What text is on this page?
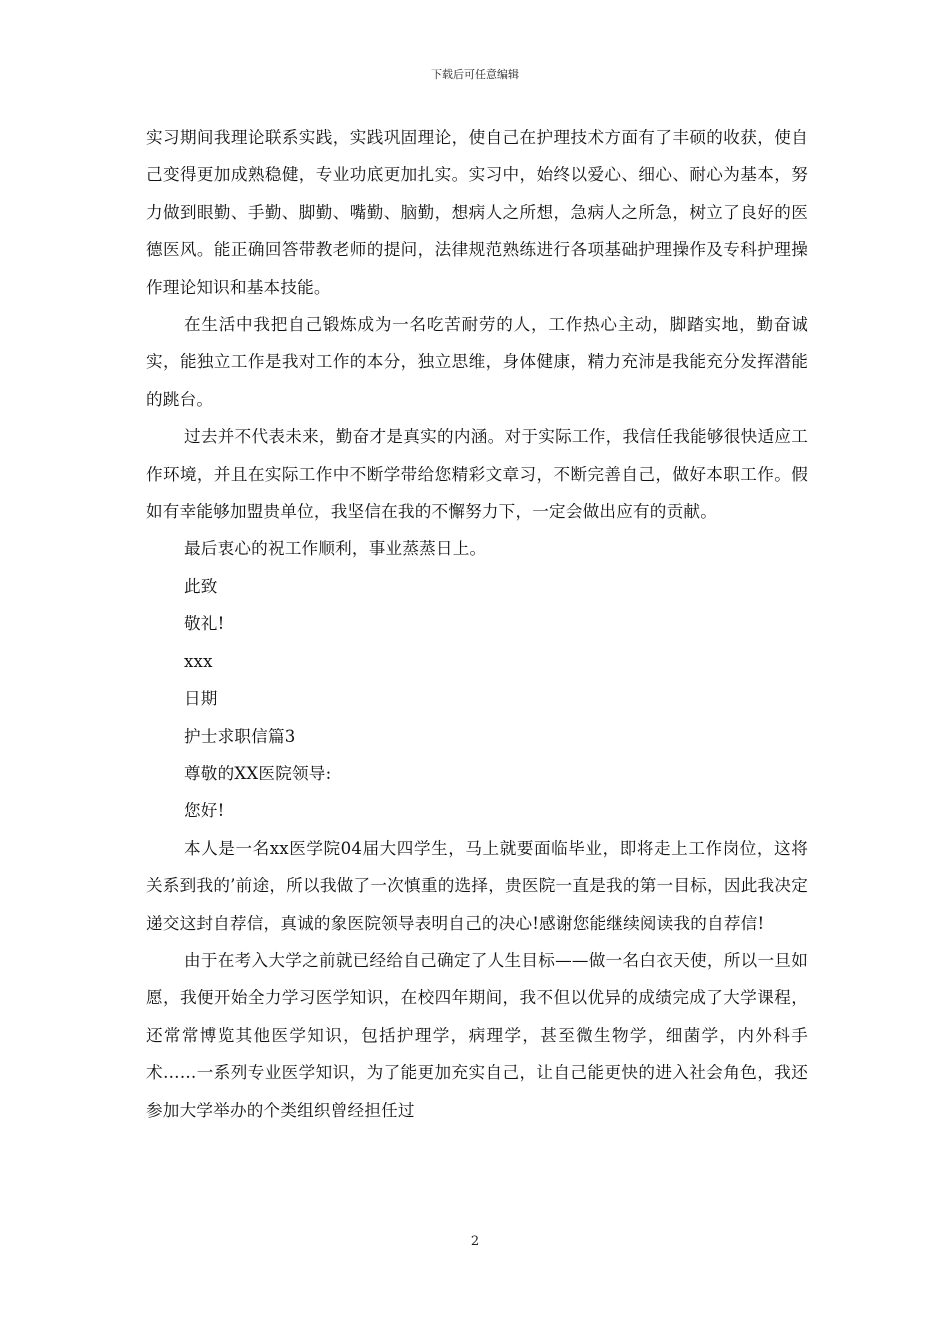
下载后可任意编辑

实习期间我理论联系实践，实践巩固理论，使自己在护理技术方面有了丰硕的收获，使自己变得更加成熟稳健，专业功底更加扎实。实习中，始终以爱心、细心、耐心为基本，努力做到眼勤、手勤、脚勤、嘴勤、脑勤，想病人之所想，急病人之所急，树立了良好的医德医风。能正确回答带教老师的提问，法律规范熟练进行各项基础护理操作及专科护理操作理论知识和基本技能。

在生活中我把自己锻炼成为一名吃苦耐劳的人，工作热心主动，脚踏实地，勤奋诚实，能独立工作是我对工作的本分，独立思维，身体健康，精力充沛是我能充分发挥潜能的跳台。

过去并不代表未来，勤奋才是真实的内涵。对于实际工作，我信任我能够很快适应工作环境，并且在实际工作中不断学带给您精彩文章习，不断完善自己，做好本职工作。假如有幸能够加盟贵单位，我坚信在我的不懈努力下，一定会做出应有的贡献。

最后衷心的祝工作顺利，事业蒸蒸日上。

此致

敬礼!

xxx

日期

护士求职信篇3

尊敬的XX医院领导:

您好!

本人是一名xx医学院04届大四学生，马上就要面临毕业，即将走上工作岗位，这将关系到我的’前途，所以我做了一次慎重的选择，贵医院一直是我的第一目标，因此我决定递交这封自荐信，真诚的象医院领导表明自己的决心!感谢您能继续阅读我的自荐信!

由于在考入大学之前就已经给自己确定了人生目标——做一名白衣天使，所以一旦如愿，我便开始全力学习医学知识，在校四年期间，我不但以优异的成绩完成了大学课程，还常常博览其他医学知识，包括护理学，病理学，甚至微生物学，细菌学，内外科手术……一系列专业医学知识，为了能更加充实自己，让自己能更快的进入社会角色，我还参加大学举办的个类组织曾经担任过

2
